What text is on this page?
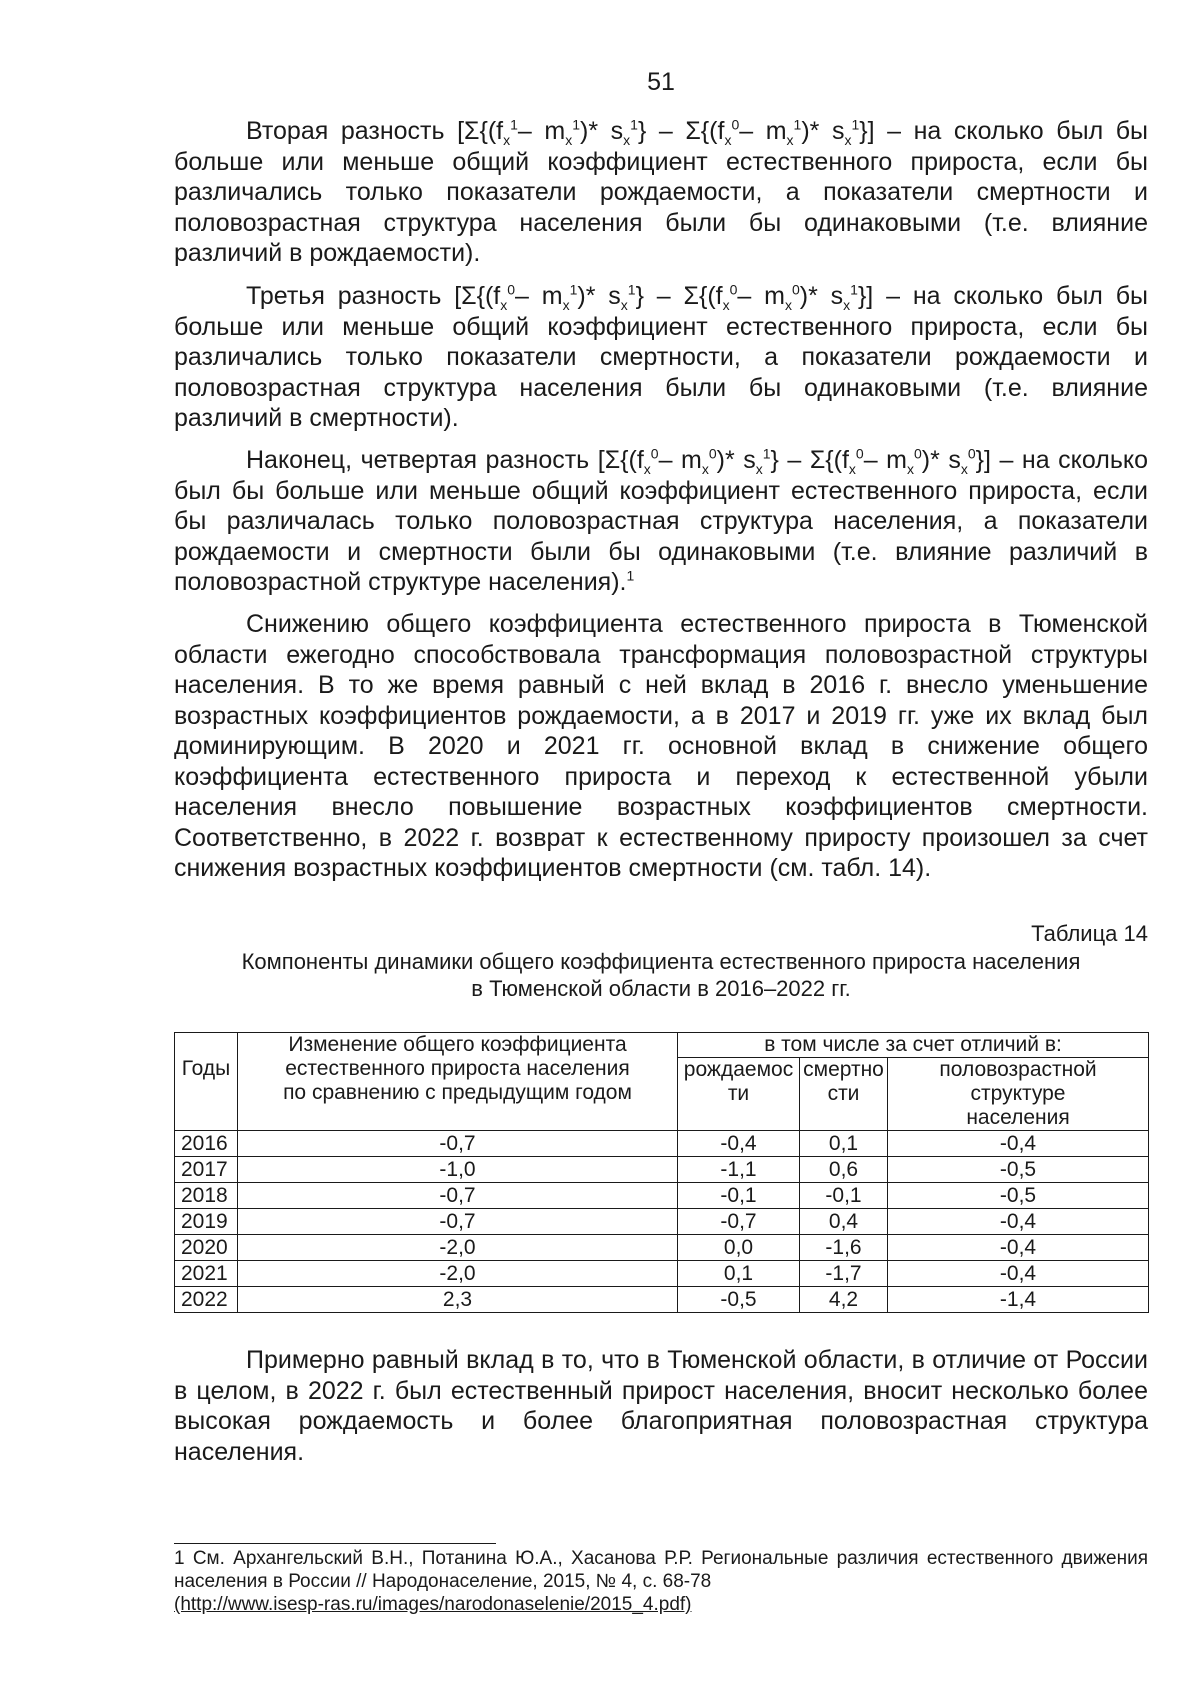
51

Вторая разность [$\Sigma\{(f_x^1-$ $m_x^1)*$ $s_x^1\} - \Sigma\{(f_x^0-$ $m_x^1)*$ $s_x^1$}] – на сколько был бы больше или меньше общий коэффициент естественного прироста, если бы различались только показатели рождаемости, а показатели смертности и половозрастная структура населения были бы одинаковыми (т.е. влияние различий в рождаемости).

Третья разность [$\Sigma\{(f_x^0-$ $m_x^1)*$ $s_x^1\} - \Sigma\{(f_x^0-$ $m_x^0)*$ $s_x^1$}] – на сколько был бы больше или меньше общий коэффициент естественного прироста, если бы различались только показатели смертности, а показатели рождаемости и половозрастная структура населения были бы одинаковыми (т.е. влияние различий в смертности).

Наконец, четвертая разность [$\Sigma\{(f_x^0-$ $m_x^0)*$ $s_x^1\} - \Sigma\{(f_x^0-$ $m_x^0)*$ $s_x^0$}] – на сколько был бы больше или меньше общий коэффициент естественного прироста, если бы различалась только половозрастная структура населения, а показатели рождаемости и смертности были бы одинаковыми (т.е. влияние различий в половозрастной структуре населения).$^1$

Снижению общего коэффициента естественного прироста в Тюменской области ежегодно способствовала трансформация половозрастной структуры населения. В то же время равный с ней вклад в 2016 г. внесло уменьшение возрастных коэффициентов рождаемости, а в 2017 и 2019 гг. уже их вклад был доминирующим. В 2020 и 2021 гг. основной вклад в снижение общего коэффициента естественного прироста и переход к естественной убыли населения внесло повышение возрастных коэффициентов смертности. Соответственно, в 2022 г. возврат к естественному приросту произошел за счет снижения возрастных коэффициентов смертности (см. табл. 14).

Таблица 14
Компоненты динамики общего коэффициента естественного прироста населения
в Тюменской области в 2016–2022 гг.
Годы	Изменение общего коэффициента естественного прироста населения по сравнению с предыдущим годом	в том числе за счет отличий в:		
		рождаемос ти	смертно сти	половозрастной структуре населения
2016	-0,7	-0,4	0,1	-0,4
2017	-1,0	-1,1	0,6	-0,5
2018	-0,7	-0,1	-0,1	-0,5
2019	-0,7	-0,7	0,4	-0,4
2020	-2,0	0,0	-1,6	-0,4
2021	-2,0	0,1	-1,7	-0,4
2022	2,3	-0,5	4,2	-1,4

Примерно равный вклад в то, что в Тюменской области, в отличие от России в целом, в 2022 г. был естественный прирост населения, вносит несколько более высокая рождаемость и более благоприятная половозрастная структура населения.

1 См. Архангельский В.Н., Потанина Ю.А., Хасанова Р.Р. Региональные различия естественного движения населения в России // Народонаселение, 2015, № 4, с. 68-78
(http://www.isesp-ras.ru/images/narodonaselenie/2015_4.pdf)
